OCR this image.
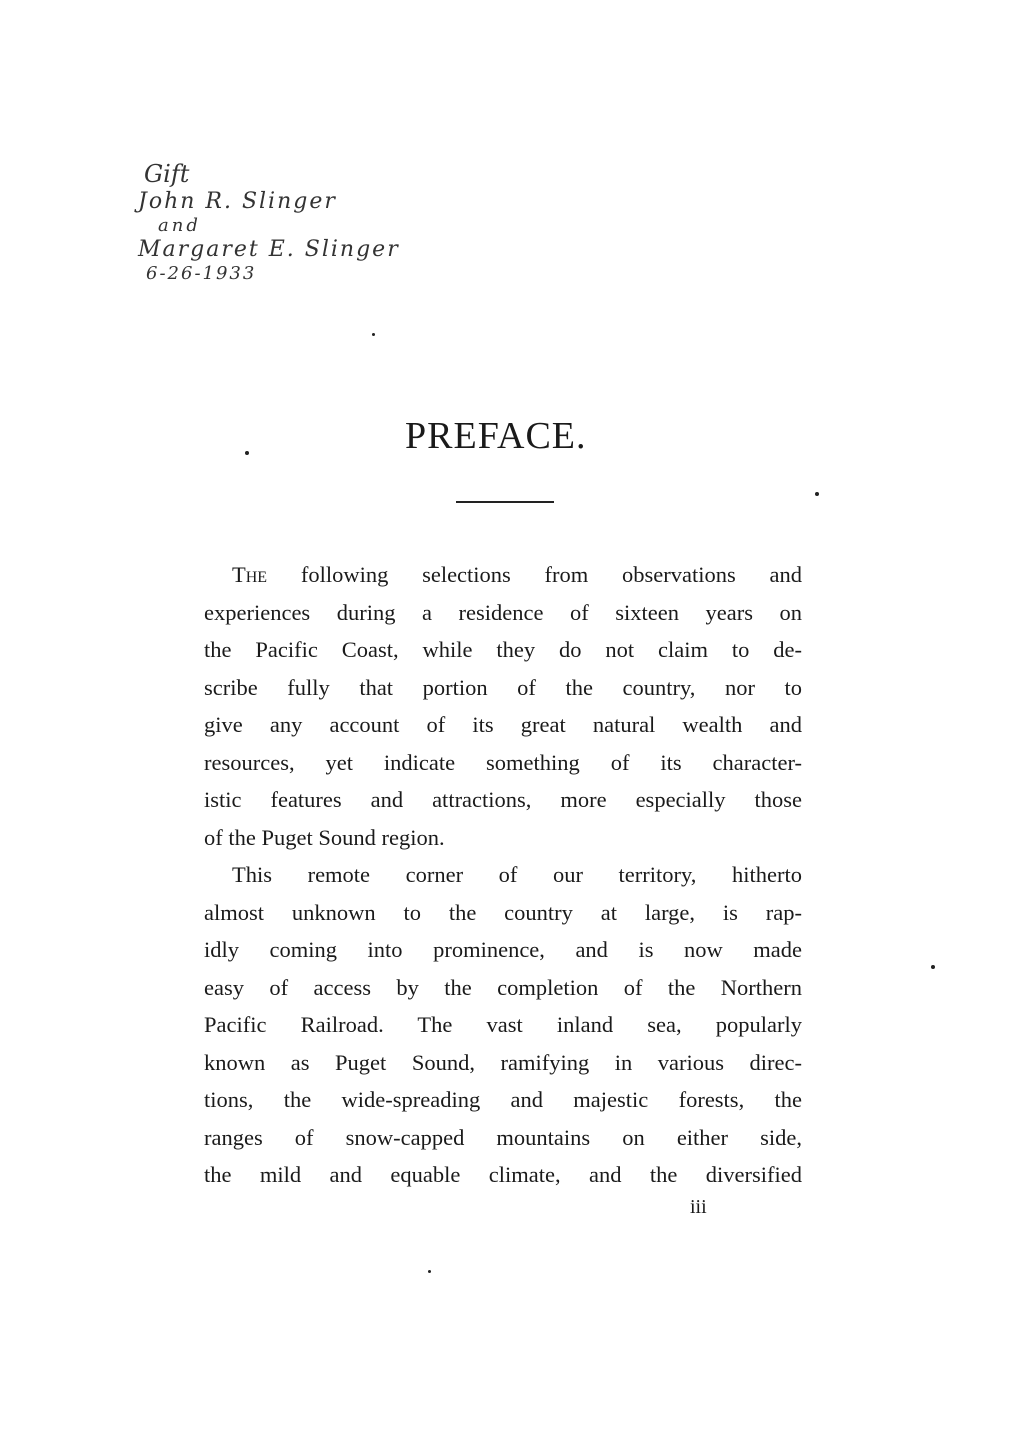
Gift
John R. Slinger
and
Margaret E. Slinger
6-26-1933
PREFACE.
The following selections from observations and
experiences during a residence of sixteen years on
the Pacific Coast, while they do not claim to de-
scribe fully that portion of the country, nor to
give any account of its great natural wealth and
resources, yet indicate something of its character-
istic features and attractions, more especially those
of the Puget Sound region.
This remote corner of our territory, hitherto
almost unknown to the country at large, is rap-
idly coming into prominence, and is now made
easy of access by the completion of the Northern
Pacific Railroad. The vast inland sea, popularly
known as Puget Sound, ramifying in various direc-
tions, the wide-spreading and majestic forests, the
ranges of snow-capped mountains on either side,
the mild and equable climate, and the diversified
iii
